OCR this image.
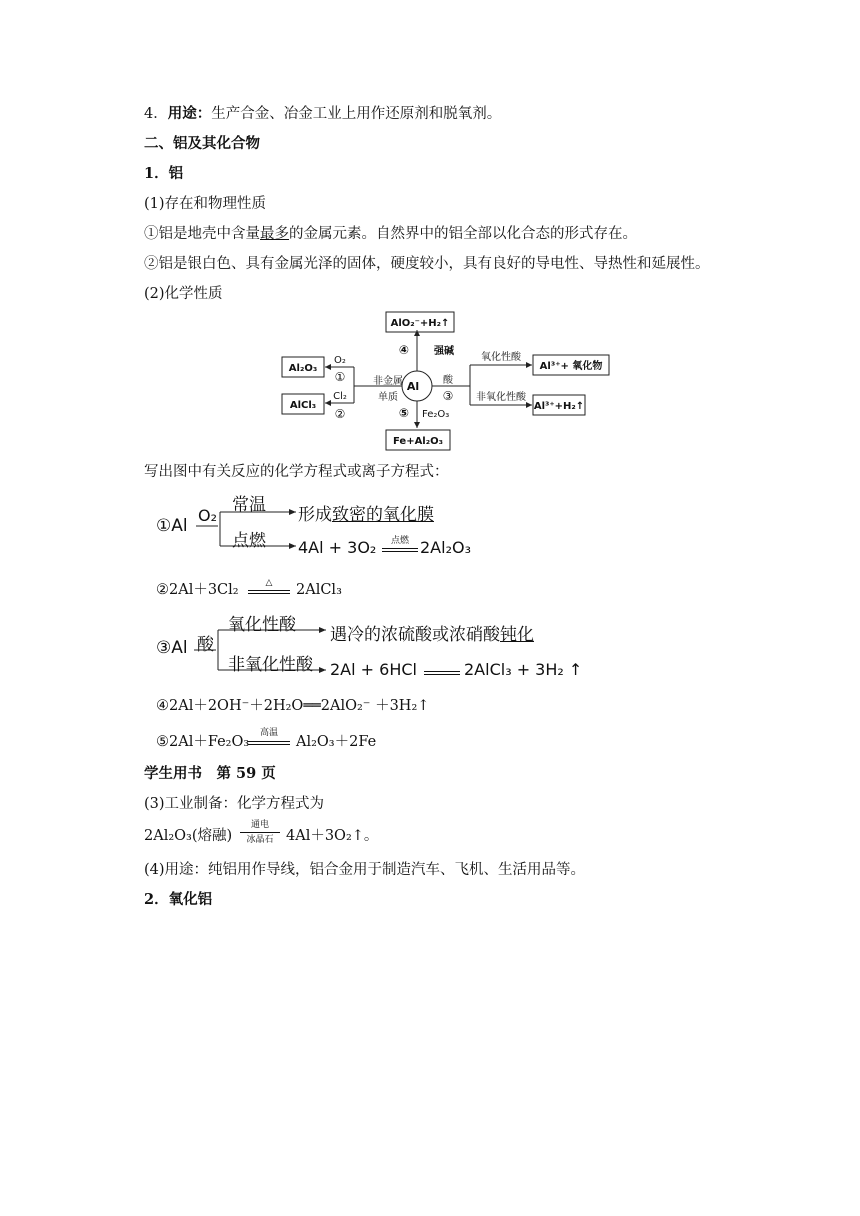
4．用途：生产合金、冶金工业上用作还原剂和脱氧剂。
二、铝及其化合物
1．铝
(1)存在和物理性质
①铝是地壳中含量最多的金属元素。自然界中的铝全部以化合态的形式存在。
②铝是银白色、具有金属光泽的固体，硬度较小，具有良好的导电性、导热性和延展性。
(2)化学性质
Al
AlO₂⁻+H₂↑
④ 强碱
Fe+Al₂O₃
⑤ Fe₂O₃
非金属
单质
Al₂O₃
O₂
①
AlCl₃
Cl₂
②
酸
③
氧化性酸
Al³⁺+ 氧化物
非氧化性酸
Al³⁺+H₂↑
写出图中有关反应的化学方程式或离子方程式：
①Al
O₂
常温
点燃
形成致密的氧化膜
4Al + 3O₂	点燃 2Al₂O₃
②2Al＋3Cl₂	△	2AlCl₃
③Al 酸
氧化性酸
非氧化性酸
遇冷的浓硫酸或浓硝酸钝化
2Al + 6HCl	2AlCl₃ + 3H₂ ↑
④2Al＋2OH⁻＋2H₂O══2AlO₂⁻ ＋3H₂↑
⑤2Al＋Fe₂O₃
高温
Al₂O₃＋2Fe
学生用书　第 59 页
(3)工业制备：化学方程式为
2Al₂O₃(熔融)
通电
冰晶石 4Al＋3O₂↑。
(4)用途：纯铝用作导线，铝合金用于制造汽车、飞机、生活用品等。
2．氧化铝
